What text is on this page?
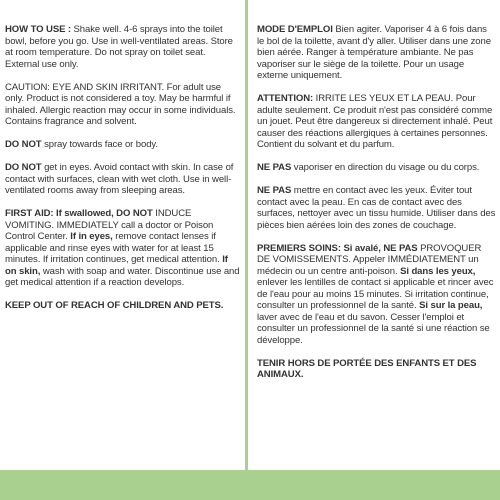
HOW TO USE : Shake well. 4-6 sprays into the toilet bowl, before you go. Use in well-ventilated areas. Store at room temperature. Do not spray on toilet seat. External use only.

CAUTION: EYE AND SKIN IRRITANT. For adult use only. Product is not considered a toy. May be harmful if inhaled. Allergic reaction may occur in some individuals. Contains fragrance and solvent.

DO NOT spray towards face or body.

DO NOT get in eyes. Avoid contact with skin. In case of contact with surfaces, clean with wet cloth. Use in well-ventilated rooms away from sleeping areas.

FIRST AID: If swallowed, DO NOT INDUCE VOMITING. IMMEDIATELY call a doctor or Poison Control Center. If in eyes, remove contact lenses if applicable and rinse eyes with water for at least 15 minutes. If irritation continues, get medical attention. If on skin, wash with soap and water. Discontinue use and get medical attention if a reaction develops.

KEEP OUT OF REACH OF CHILDREN AND PETS.

MODE D'EMPLOI Bien agiter. Vaporiser 4 à 6 fois dans le bol de la toilette, avant d'y aller. Utiliser dans une zone bien aérée. Ranger à température ambiante. Ne pas vaporiser sur le siège de la toilette. Pour un usage externe uniquement.

ATTENTION: IRRITE LES YEUX ET LA PEAU. Pour adulte seulement. Ce produit n'est pas considéré comme un jouet. Peut être dangereux si directement inhalé. Peut causer des réactions allergiques à certaines personnes. Contient du solvant et du parfum.

NE PAS vaporiser en direction du visage ou du corps.

NE PAS mettre en contact avec les yeux. Éviter tout contact avec la peau. En cas de contact avec des surfaces, nettoyer avec un tissu humide. Utiliser dans des pièces bien aérées loin des zones de couchage.

PREMIERS SOINS: Si avalé, NE PAS PROVOQUER DE VOMISSEMENTS. Appeler IMMÉDIATEMENT un médecin ou un centre anti-poison. Si dans les yeux, enlever les lentilles de contact si applicable et rincer avec de l'eau pour au moins 15 minutes. Si irritation continue, consulter un professionnel de la santé. Si sur la peau, laver avec de l'eau et du savon. Cesser l'emploi et consulter un professionnel de la santé si une réaction se développe.

TENIR HORS DE PORTÉE DES ENFANTS ET DES ANIMAUX.
